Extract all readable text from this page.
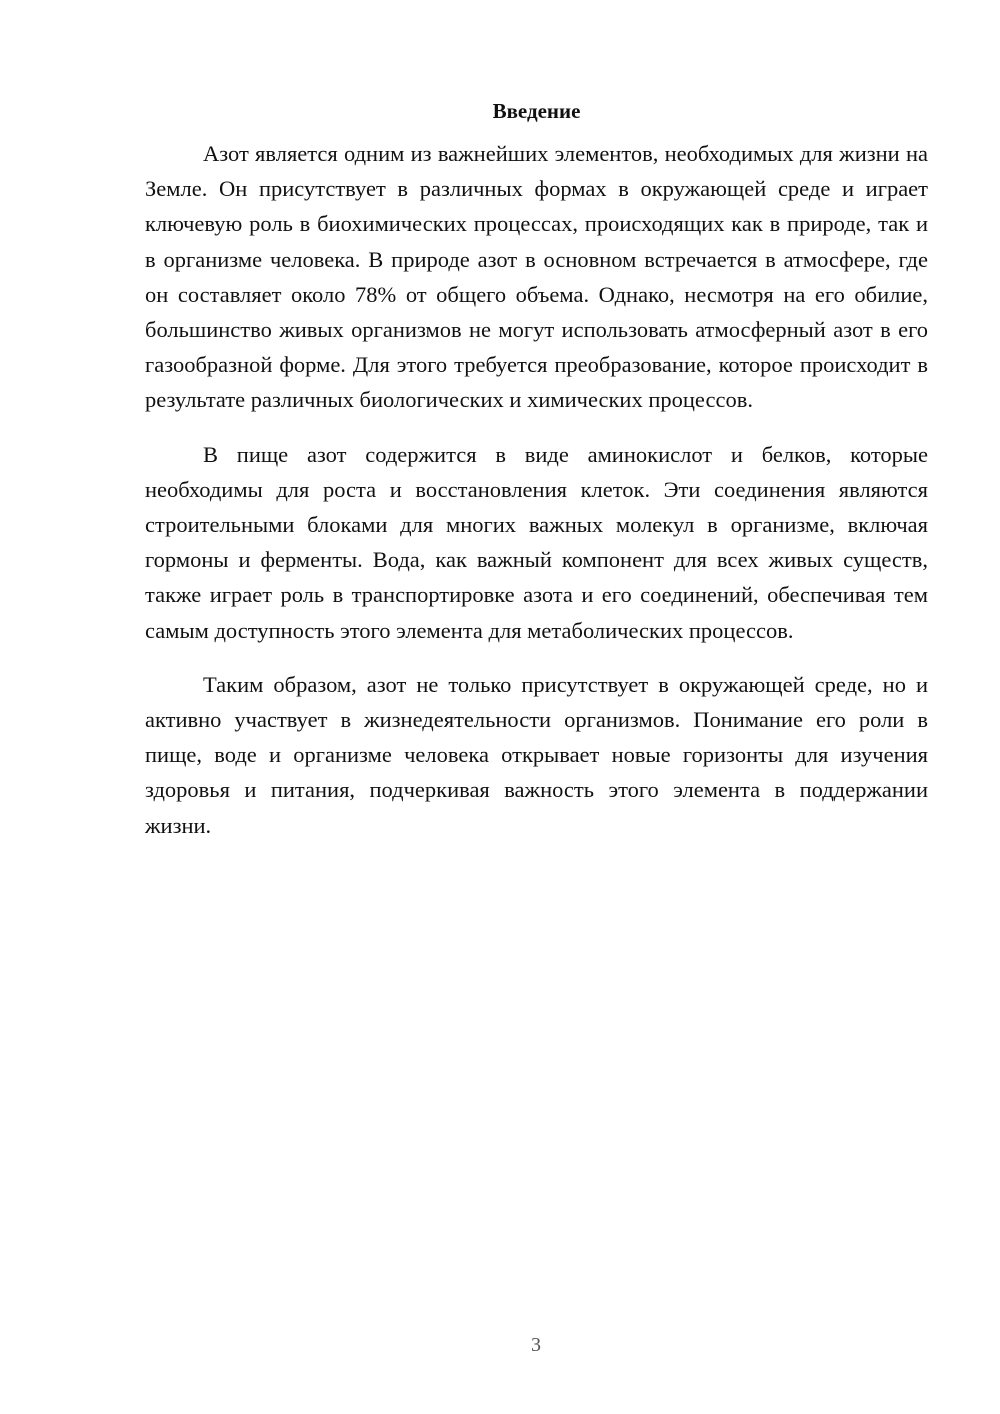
Введение

Азот является одним из важнейших элементов, необходимых для жизни на Земле. Он присутствует в различных формах в окружающей среде и играет ключевую роль в биохимических процессах, происходящих как в природе, так и в организме человека. В природе азот в основном встречается в атмосфере, где он составляет около 78% от общего объема. Однако, несмотря на его обилие, большинство живых организмов не могут использовать атмосферный азот в его газообразной форме. Для этого требуется преобразование, которое происходит в результате различных биологических и химических процессов.

В пище азот содержится в виде аминокислот и белков, которые необходимы для роста и восстановления клеток. Эти соединения являются строительными блоками для многих важных молекул в организме, включая гормоны и ферменты. Вода, как важный компонент для всех живых существ, также играет роль в транспортировке азота и его соединений, обеспечивая тем самым доступность этого элемента для метаболических процессов.

Таким образом, азот не только присутствует в окружающей среде, но и активно участвует в жизнедеятельности организмов. Понимание его роли в пище, воде и организме человека открывает новые горизонты для изучения здоровья и питания, подчеркивая важность этого элемента в поддержании жизни.

3
